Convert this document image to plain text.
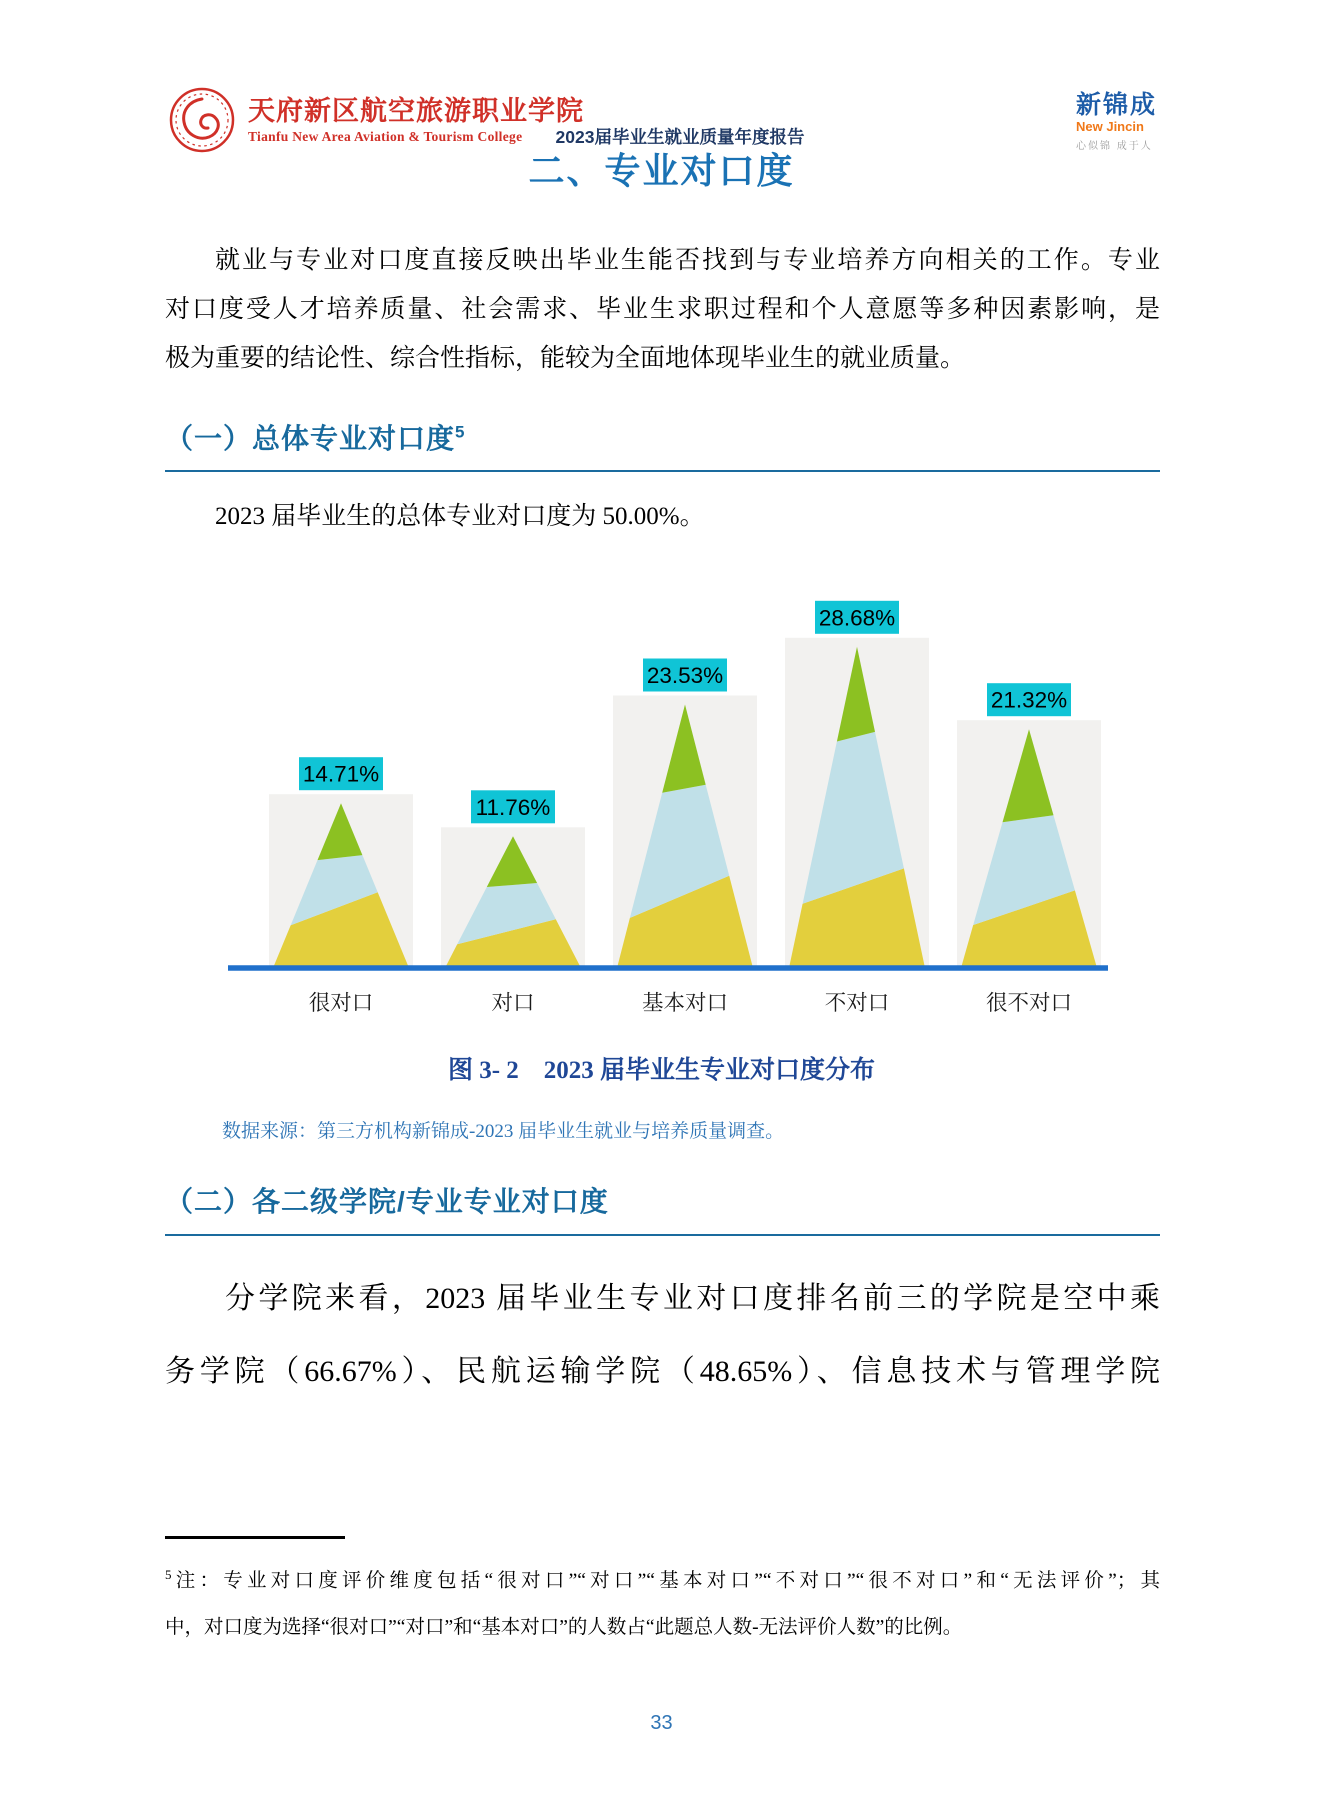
天府新区航空旅游职业学院
Tianfu New Area Aviation & Tourism College	2023届毕业生就业质量年度报告
新锦成
New Jincin
心似锦 成于人
二、专业对口度
就业与专业对口度直接反映出毕业生能否找到与专业培养方向相关的工作。专业
对口度受人才培养质量、社会需求、毕业生求职过程和个人意愿等多种因素影响，是
极为重要的结论性、综合性指标，能较为全面地体现毕业生的就业质量。
（一）总体专业对口度$^5$
2023 届毕业生的总体专业对口度为 50.00%。
14.71%
很对口
11.76%
对口
23.53%
基本对口
28.68%
不对口
21.32%
很不对口
图 3- 2　2023 届毕业生专业对口度分布
数据来源：第三方机构新锦成-2023 届毕业生就业与培养质量调查。
（二）各二级学院/专业专业对口度
分学院来看，2023 届毕业生专业对口度排名前三的学院是空中乘
务学院（66.67%）、民航运输学院（48.65%）、信息技术与管理学院
$^5$注：专业对口度评价维度包括“很对口”“对口”“基本对口”“不对口”“很不对口”和“无法评价”；其
中，对口度为选择“很对口”“对口”和“基本对口”的人数占“此题总人数-无法评价人数”的比例。
33
